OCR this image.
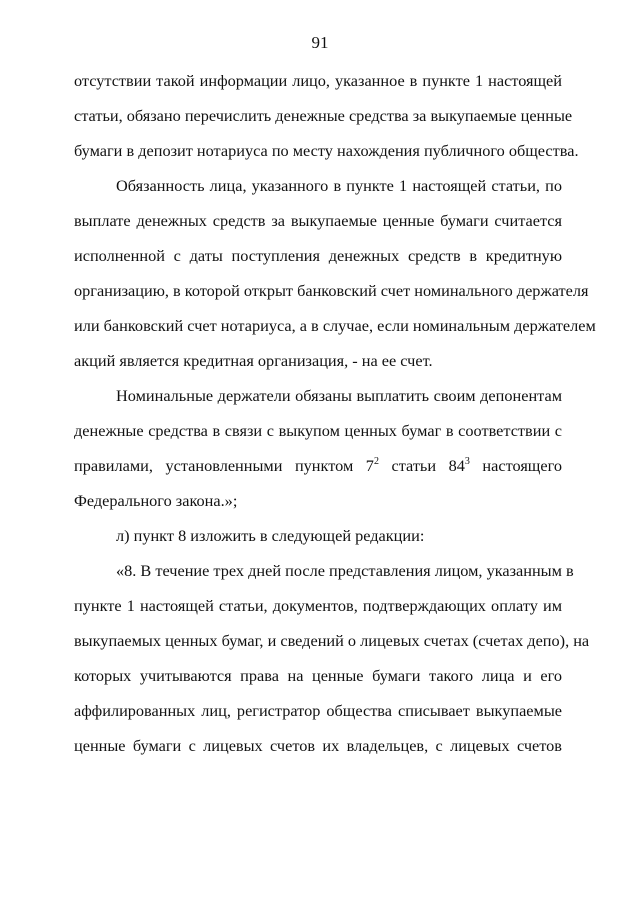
91
отсутствии такой информации лицо, указанное в пункте 1 настоящей
статьи, обязано перечислить денежные средства за выкупаемые ценные
бумаги в депозит нотариуса по месту нахождения публичного общества.
Обязанность лица, указанного в пункте 1 настоящей статьи, по
выплате денежных средств за выкупаемые ценные бумаги считается
исполненной с даты поступления денежных средств в кредитную
организацию, в которой открыт банковский счет номинального держателя
или банковский счет нотариуса, а в случае, если номинальным держателем
акций является кредитная организация, - на ее счет.
Номинальные держатели обязаны выплатить своим депонентам
денежные средства в связи с выкупом ценных бумаг в соответствии с
правилами, установленными пунктом $7^2$ статьи $84^3$ настоящего
Федерального закона.»;
л) пункт 8 изложить в следующей редакции:
«8. В течение трех дней после представления лицом, указанным в
пункте 1 настоящей статьи, документов, подтверждающих оплату им
выкупаемых ценных бумаг, и сведений о лицевых счетах (счетах депо), на
которых учитываются права на ценные бумаги такого лица и его
аффилированных лиц, регистратор общества списывает выкупаемые
ценные бумаги с лицевых счетов их владельцев, с лицевых счетов
